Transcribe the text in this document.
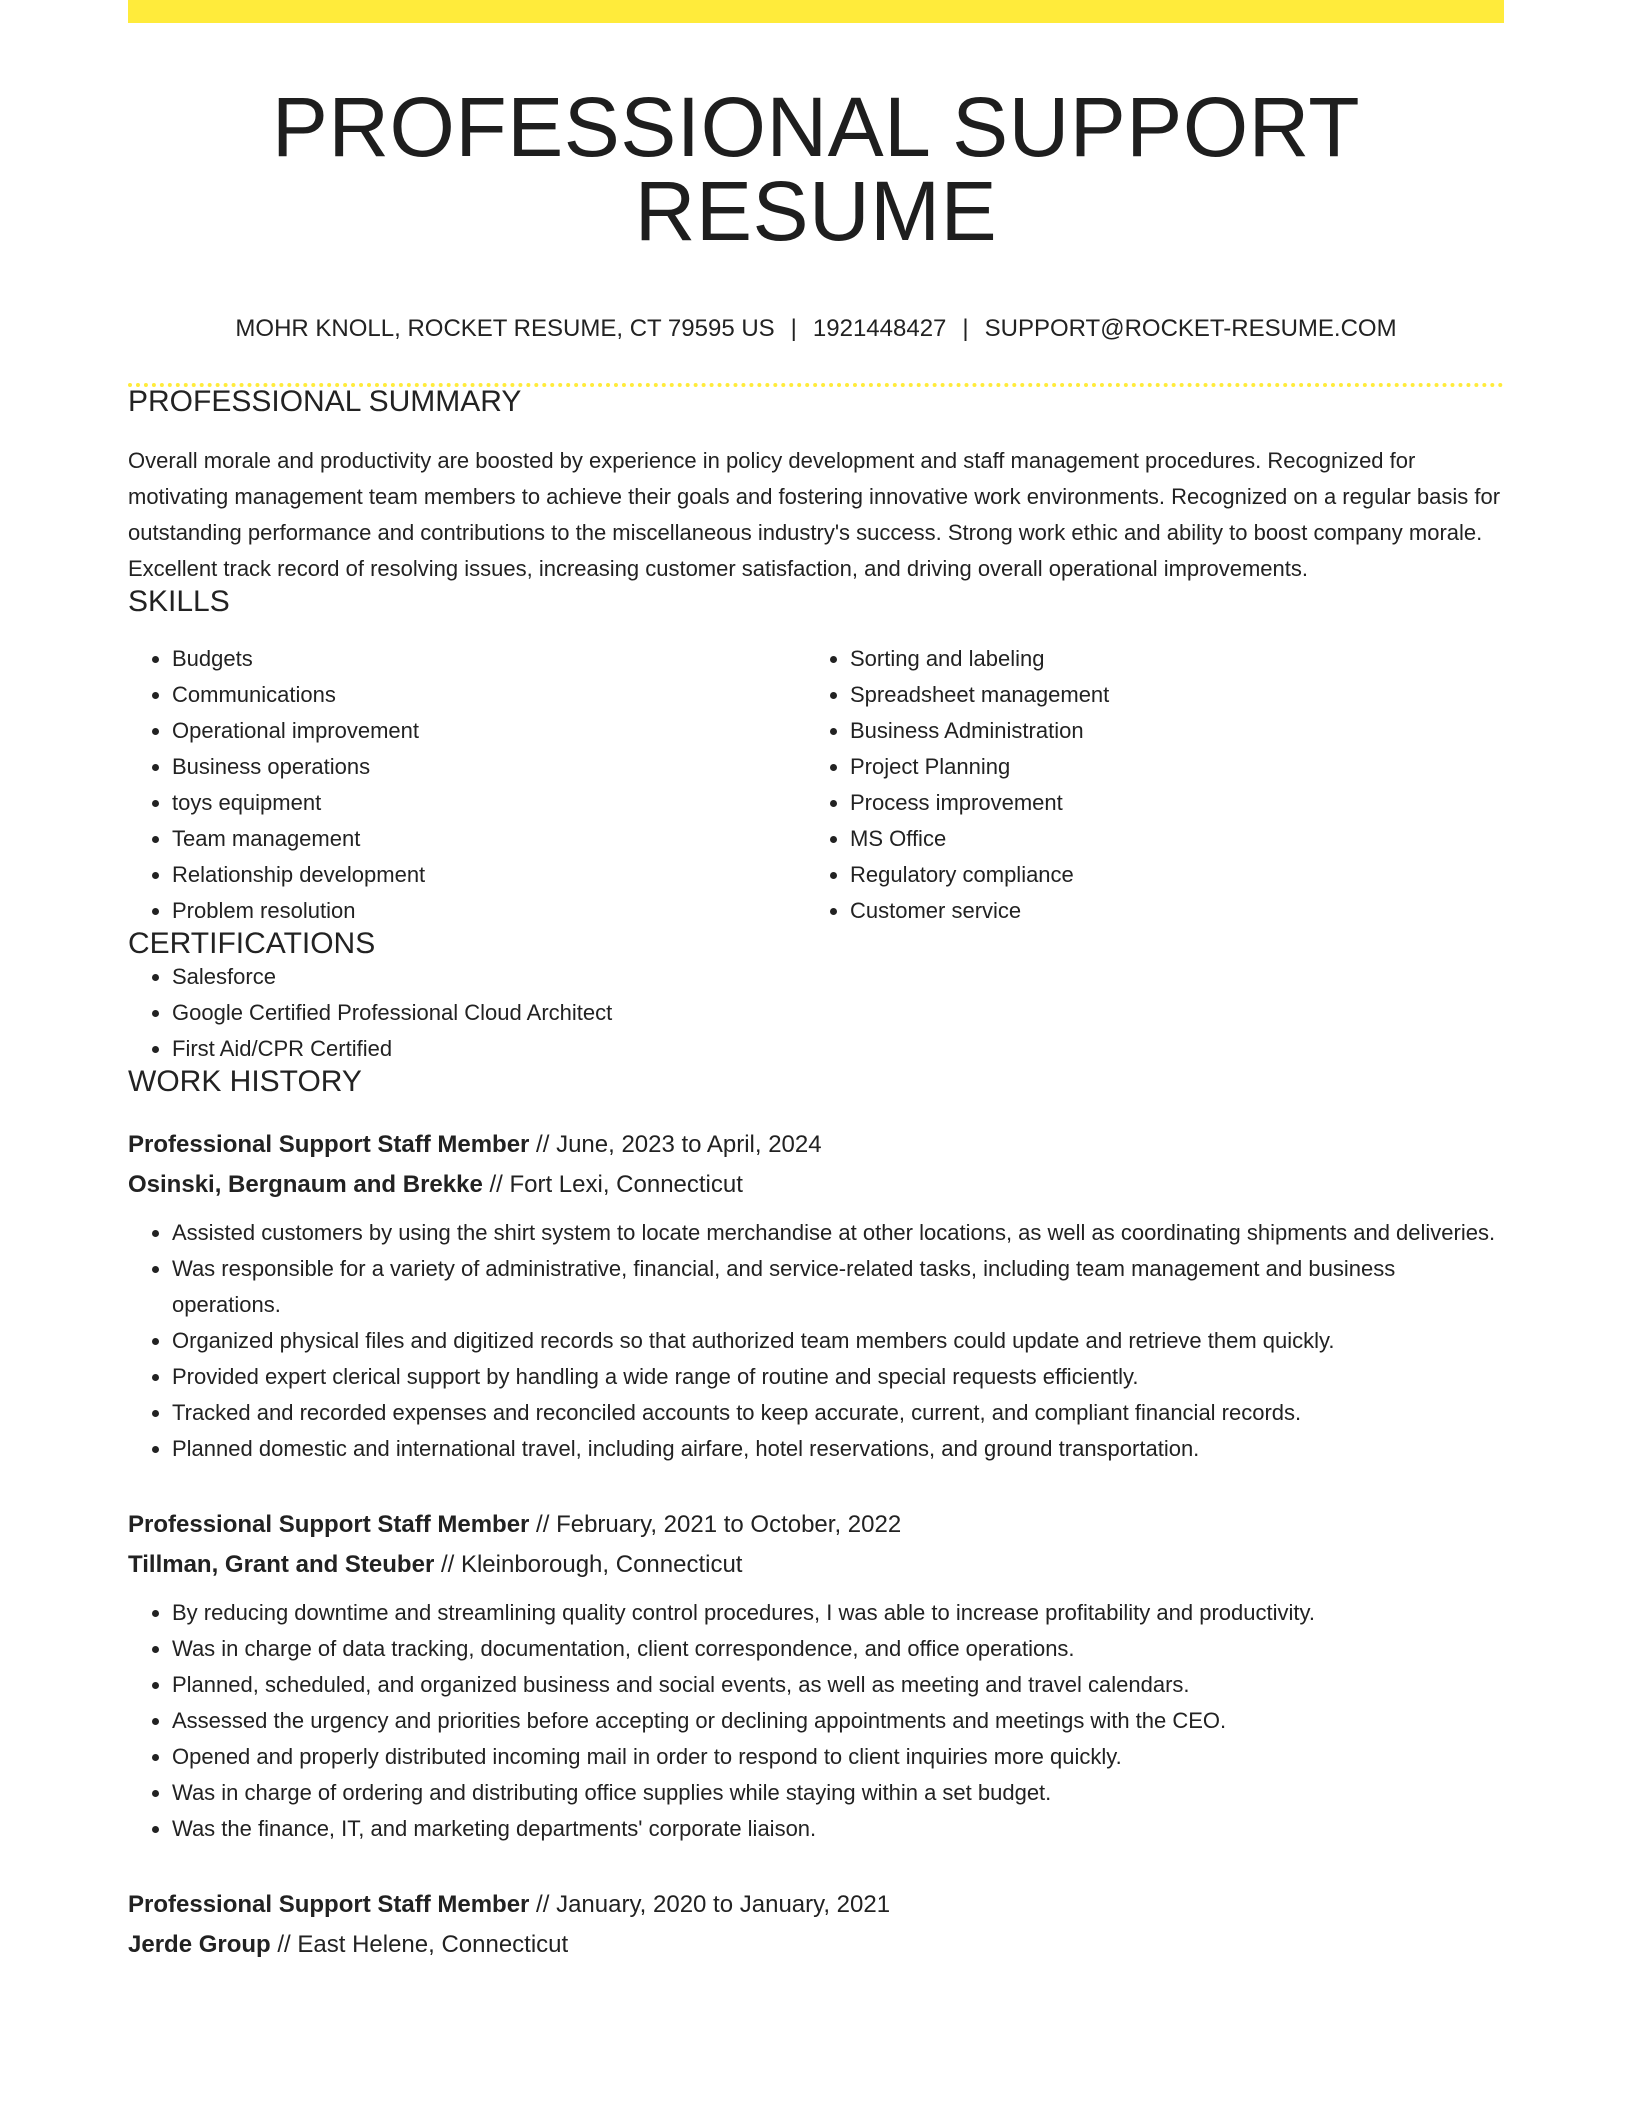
PROFESSIONAL SUPPORT RESUME
MOHR KNOLL, ROCKET RESUME, CT 79595 US | 1921448427 | SUPPORT@ROCKET-RESUME.COM
PROFESSIONAL SUMMARY

Overall morale and productivity are boosted by experience in policy development and staff management procedures. Recognized for motivating management team members to achieve their goals and fostering innovative work environments. Recognized on a regular basis for outstanding performance and contributions to the miscellaneous industry's success. Strong work ethic and ability to boost company morale. Excellent track record of resolving issues, increasing customer satisfaction, and driving overall operational improvements.

SKILLS
• Budgets
• Communications
• Operational improvement
• Business operations
• toys equipment
• Team management
• Relationship development
• Problem resolution
• Sorting and labeling
• Spreadsheet management
• Business Administration
• Project Planning
• Process improvement
• MS Office
• Regulatory compliance
• Customer service
CERTIFICATIONS
• Salesforce
• Google Certified Professional Cloud Architect
• First Aid/CPR Certified
WORK HISTORY
Professional Support Staff Member // June, 2023 to April, 2024
Osinski, Bergnaum and Brekke // Fort Lexi, Connecticut
• Assisted customers by using the shirt system to locate merchandise at other locations, as well as coordinating shipments and deliveries.
• Was responsible for a variety of administrative, financial, and service-related tasks, including team management and business operations.
• Organized physical files and digitized records so that authorized team members could update and retrieve them quickly.
• Provided expert clerical support by handling a wide range of routine and special requests efficiently.
• Tracked and recorded expenses and reconciled accounts to keep accurate, current, and compliant financial records.
• Planned domestic and international travel, including airfare, hotel reservations, and ground transportation.
Professional Support Staff Member // February, 2021 to October, 2022
Tillman, Grant and Steuber // Kleinborough, Connecticut
• By reducing downtime and streamlining quality control procedures, I was able to increase profitability and productivity.
• Was in charge of data tracking, documentation, client correspondence, and office operations.
• Planned, scheduled, and organized business and social events, as well as meeting and travel calendars.
• Assessed the urgency and priorities before accepting or declining appointments and meetings with the CEO.
• Opened and properly distributed incoming mail in order to respond to client inquiries more quickly.
• Was in charge of ordering and distributing office supplies while staying within a set budget.
• Was the finance, IT, and marketing departments' corporate liaison.
Professional Support Staff Member // January, 2020 to January, 2021
Jerde Group // East Helene, Connecticut
